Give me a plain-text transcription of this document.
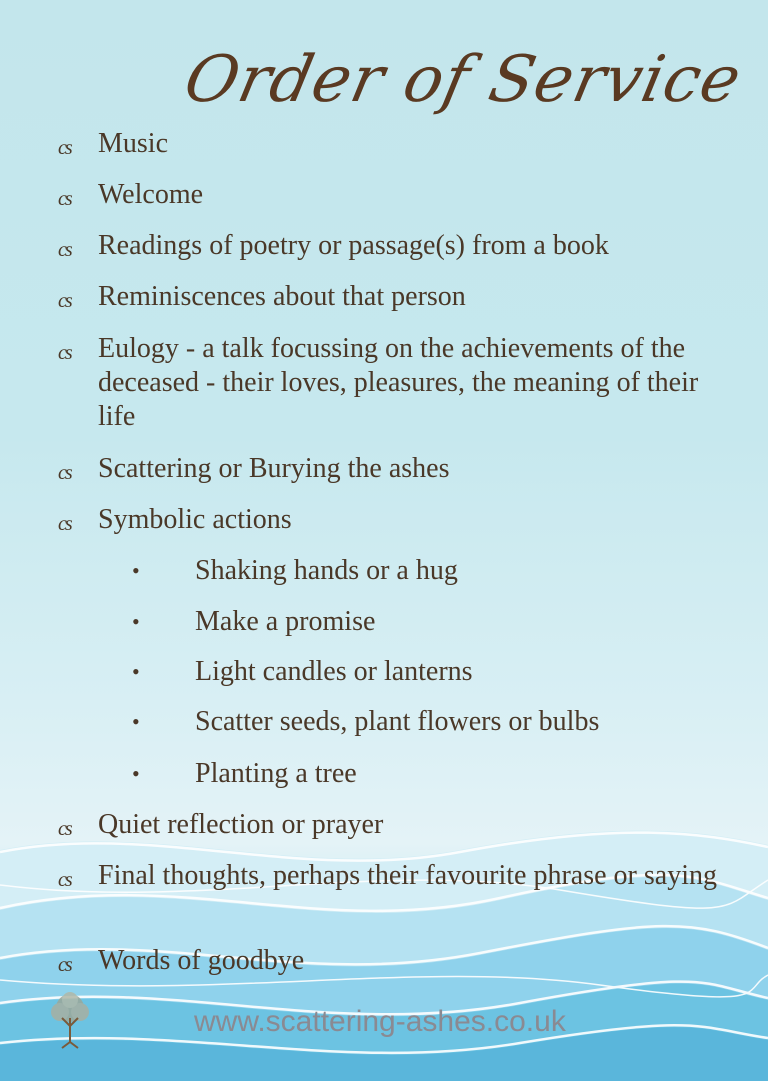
Order of Service
cs Music
cs Welcome
cs Readings of poetry or passage(s) from a book
cs Reminiscences about that person
cs Eulogy - a talk focussing on the achievements of the deceased - their loves, pleasures, the meaning of their life
cs Scattering or Burying the ashes
cs Symbolic actions
•	Shaking hands or a hug
•	Make a promise
•	Light candles or lanterns
•	Scatter seeds, plant flowers or bulbs
•	Planting a tree
cs Quiet reflection or prayer
cs Final thoughts, perhaps their favourite phrase or saying
cs Words of goodbye
www.scattering-ashes.co.uk
